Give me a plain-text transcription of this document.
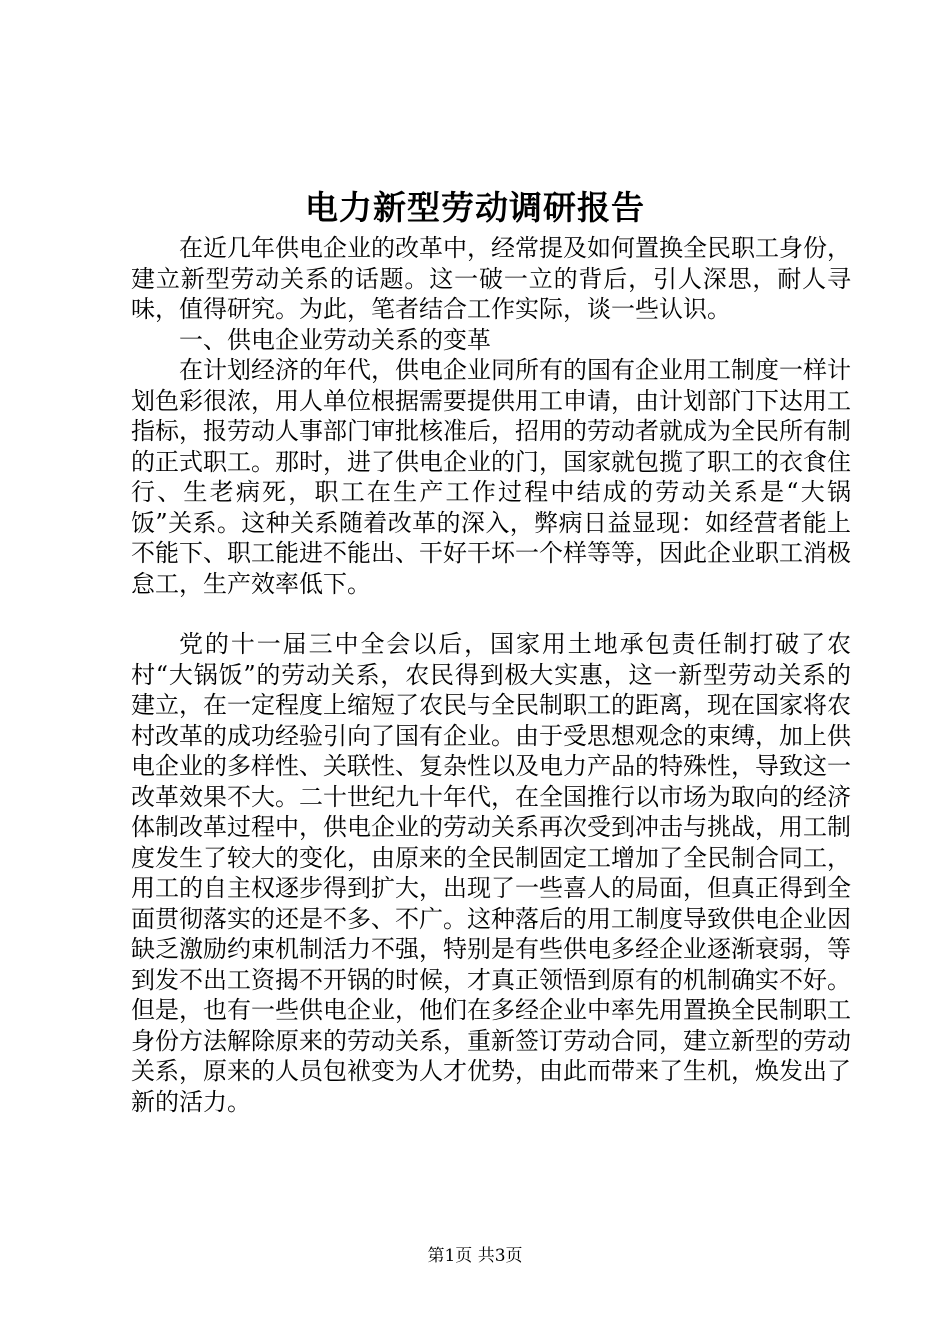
电力新型劳动调研报告

在近几年供电企业的改革中，经常提及如何置换全民职工身份，建立新型劳动关系的话题。这一破一立的背后，引人深思，耐人寻味，值得研究。为此，笔者结合工作实际，谈一些认识。

一、供电企业劳动关系的变革

在计划经济的年代，供电企业同所有的国有企业用工制度一样计划色彩很浓，用人单位根据需要提供用工申请，由计划部门下达用工指标，报劳动人事部门审批核准后，招用的劳动者就成为全民所有制的正式职工。那时，进了供电企业的门，国家就包揽了职工的衣食住行、生老病死，职工在生产工作过程中结成的劳动关系是“大锅饭”关系。这种关系随着改革的深入，弊病日益显现：如经营者能上不能下、职工能进不能出、干好干坏一个样等等，因此企业职工消极怠工，生产效率低下。

党的十一届三中全会以后，国家用土地承包责任制打破了农村“大锅饭”的劳动关系，农民得到极大实惠，这一新型劳动关系的建立，在一定程度上缩短了农民与全民制职工的距离，现在国家将农村改革的成功经验引向了国有企业。由于受思想观念的束缚，加上供电企业的多样性、关联性、复杂性以及电力产品的特殊性，导致这一改革效果不大。二十世纪九十年代，在全国推行以市场为取向的经济体制改革过程中，供电企业的劳动关系再次受到冲击与挑战，用工制度发生了较大的变化，由原来的全民制固定工增加了全民制合同工，用工的自主权逐步得到扩大，出现了一些喜人的局面，但真正得到全面贯彻落实的还是不多、不广。这种落后的用工制度导致供电企业因缺乏激励约束机制活力不强，特别是有些供电多经企业逐渐衰弱，等到发不出工资揭不开锅的时候，才真正领悟到原有的机制确实不好。但是，也有一些供电企业，他们在多经企业中率先用置换全民制职工身份方法解除原来的劳动关系，重新签订劳动合同，建立新型的劳动关系，原来的人员包袱变为人才优势，由此而带来了生机，焕发出了新的活力。

第1页 共3页
